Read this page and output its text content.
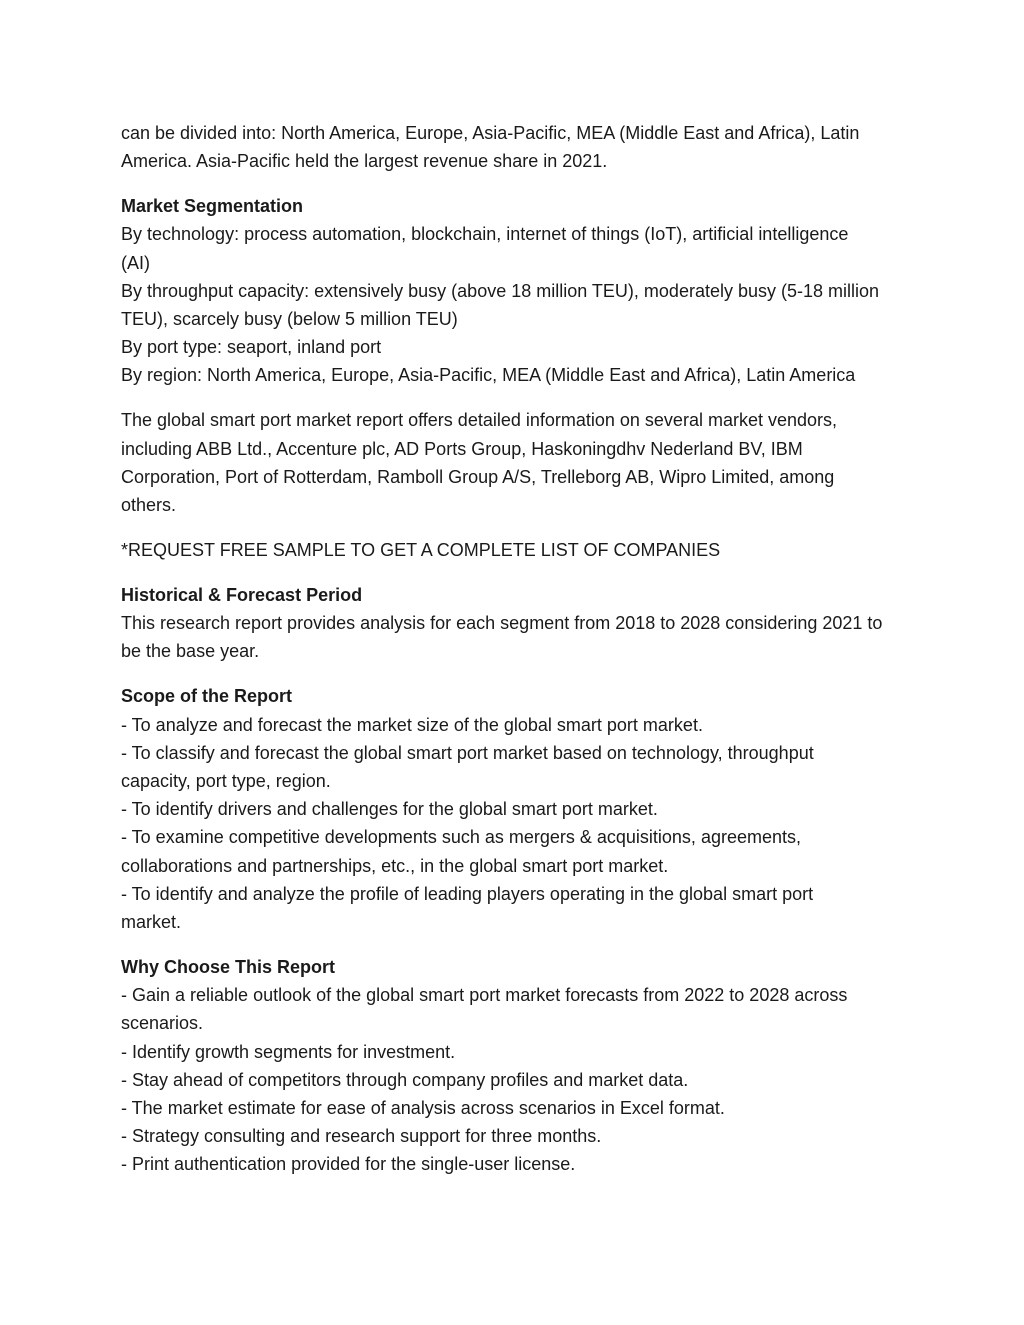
can be divided into: North America, Europe, Asia-Pacific, MEA (Middle East and Africa), Latin
America. Asia-Pacific held the largest revenue share in 2021.
Market Segmentation
By technology: process automation, blockchain, internet of things (IoT), artificial intelligence
(AI)
By throughput capacity: extensively busy (above 18 million TEU), moderately busy (5-18 million
TEU), scarcely busy (below 5 million TEU)
By port type: seaport, inland port
By region: North America, Europe, Asia-Pacific, MEA (Middle East and Africa), Latin America
The global smart port market report offers detailed information on several market vendors,
including ABB Ltd., Accenture plc, AD Ports Group, Haskoningdhv Nederland BV, IBM
Corporation, Port of Rotterdam, Ramboll Group A/S, Trelleborg AB, Wipro Limited, among
others.
*REQUEST FREE SAMPLE TO GET A COMPLETE LIST OF COMPANIES
Historical & Forecast Period
This research report provides analysis for each segment from 2018 to 2028 considering 2021 to
be the base year.
Scope of the Report
- To analyze and forecast the market size of the global smart port market.
- To classify and forecast the global smart port market based on technology, throughput
capacity, port type, region.
- To identify drivers and challenges for the global smart port market.
- To examine competitive developments such as mergers & acquisitions, agreements,
collaborations and partnerships, etc., in the global smart port market.
- To identify and analyze the profile of leading players operating in the global smart port
market.
Why Choose This Report
- Gain a reliable outlook of the global smart port market forecasts from 2022 to 2028 across
scenarios.
- Identify growth segments for investment.
- Stay ahead of competitors through company profiles and market data.
- The market estimate for ease of analysis across scenarios in Excel format.
- Strategy consulting and research support for three months.
- Print authentication provided for the single-user license.
